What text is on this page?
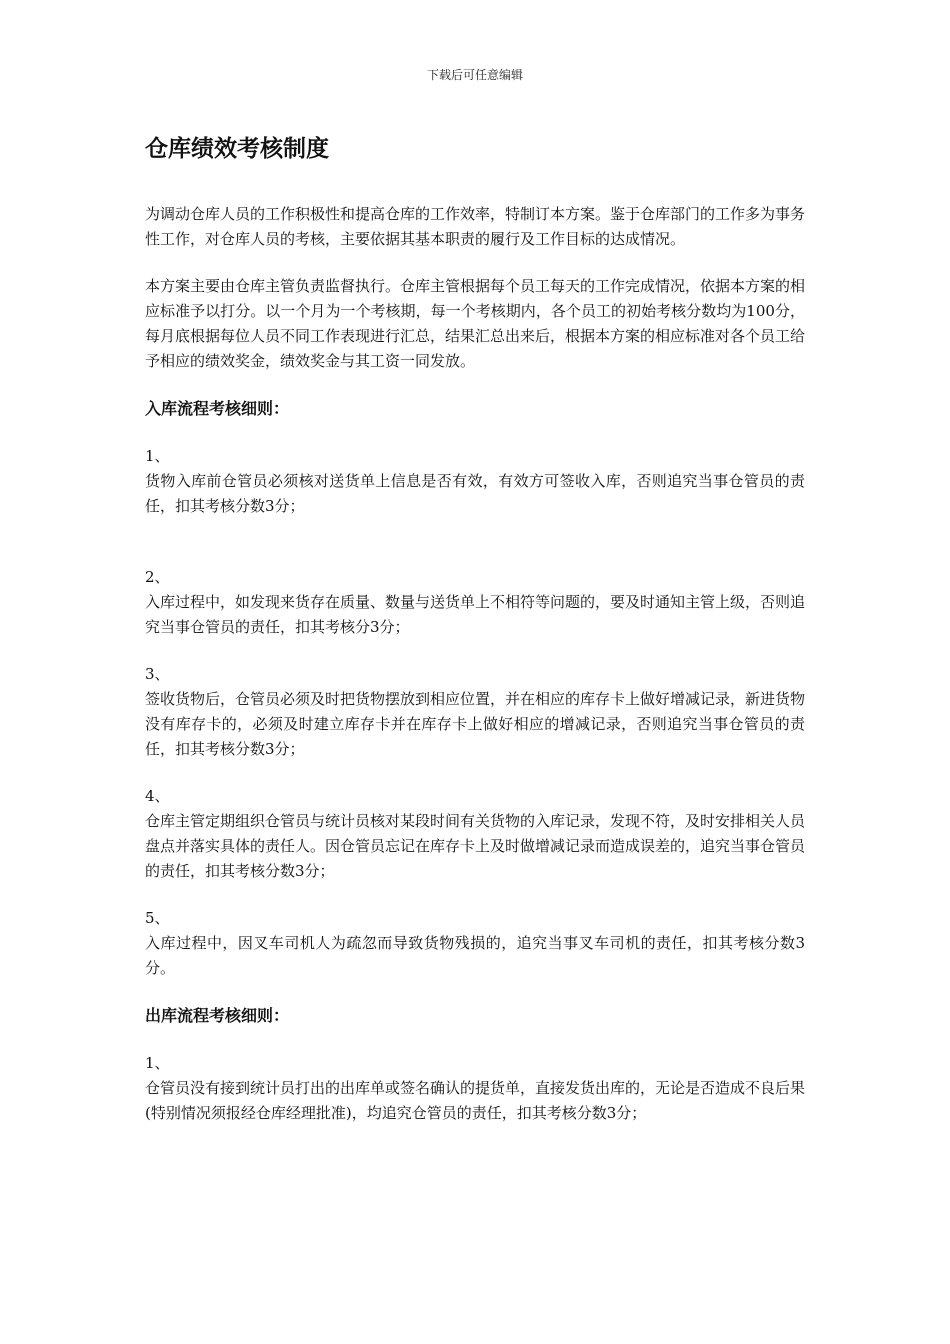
下载后可任意编辑
仓库绩效考核制度

为调动仓库人员的工作积极性和提高仓库的工作效率，特制订本方案。鉴于仓库部门的工作多为事务性工作，对仓库人员的考核，主要依据其基本职责的履行及工作目标的达成情况。

本方案主要由仓库主管负责监督执行。仓库主管根据每个员工每天的工作完成情况，依据本方案的相应标准予以打分。以一个月为一个考核期，每一个考核期内，各个员工的初始考核分数均为100分，每月底根据每位人员不同工作表现进行汇总，结果汇总出来后，根据本方案的相应标准对各个员工给予相应的绩效奖金，绩效奖金与其工资一同发放。

入库流程考核细则：

1、

货物入库前仓管员必须核对送货单上信息是否有效，有效方可签收入库，否则追究当事仓管员的责任，扣其考核分数3分；

2、

入库过程中，如发现来货存在质量、数量与送货单上不相符等问题的，要及时通知主管上级，否则追究当事仓管员的责任，扣其考核分3分；

3、

签收货物后，仓管员必须及时把货物摆放到相应位置，并在相应的库存卡上做好增减记录，新进货物没有库存卡的，必须及时建立库存卡并在库存卡上做好相应的增减记录，否则追究当事仓管员的责任，扣其考核分数3分；

4、

仓库主管定期组织仓管员与统计员核对某段时间有关货物的入库记录，发现不符，及时安排相关人员盘点并落实具体的责任人。因仓管员忘记在库存卡上及时做增减记录而造成误差的，追究当事仓管员的责任，扣其考核分数3分；

5、

入库过程中，因叉车司机人为疏忽而导致货物残损的，追究当事叉车司机的责任，扣其考核分数3分。

出库流程考核细则：

1、

仓管员没有接到统计员打出的出库单或签名确认的提货单，直接发货出库的，无论是否造成不良后果(特别情况须报经仓库经理批准)，均追究仓管员的责任，扣其考核分数3分；
